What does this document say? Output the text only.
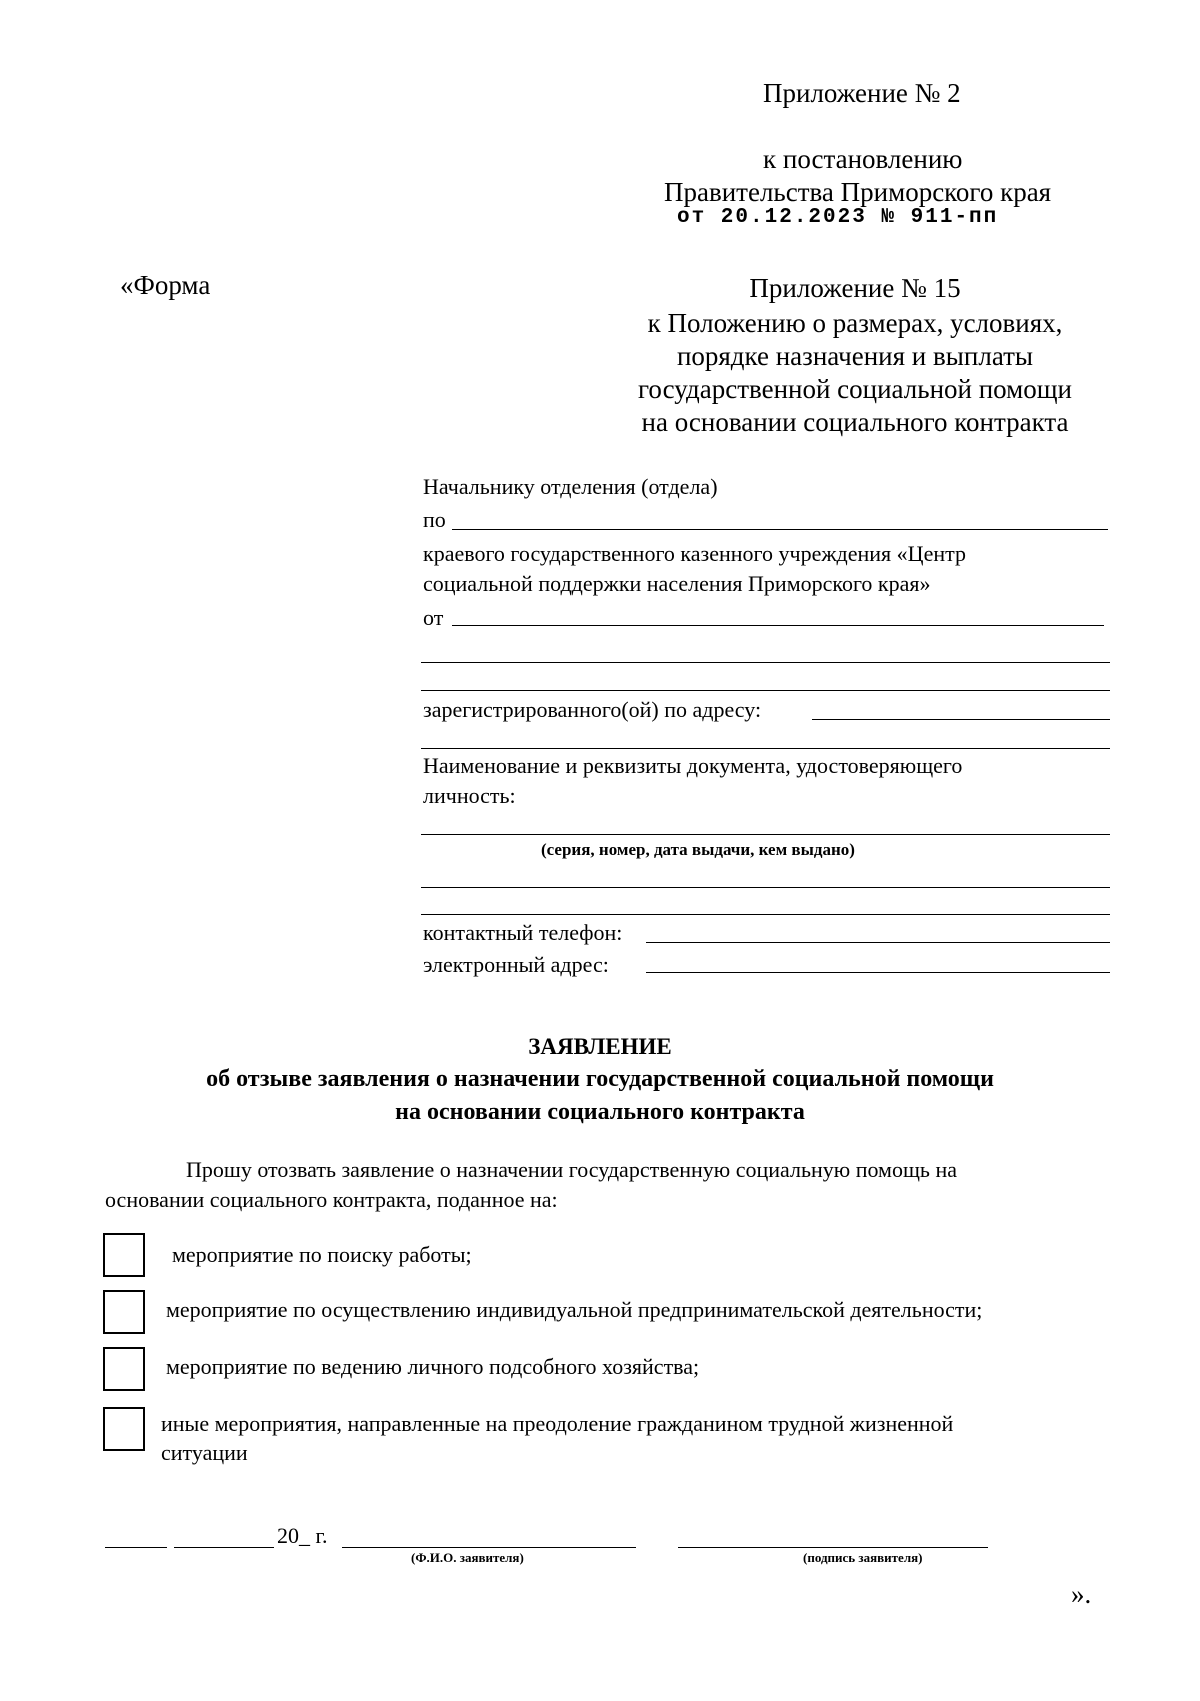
Приложение № 2
к постановлению
Правительства Приморского края
от 20.12.2023 № 911-пп
«Форма	Приложение № 15
к Положению о размерах, условиях,
порядке назначения и выплаты
государственной социальной помощи
на основании социального контракта
Начальнику отделения (отдела)
по
краевого государственного казенного учреждения «Центр
социальной поддержки населения Приморского края»
от
зарегистрированного(ой) по адресу:
Наименование и реквизиты документа, удостоверяющего
личность:
(серия, номер, дата выдачи, кем выдано)
контактный телефон:
электронный адрес:
ЗАЯВЛЕНИЕ
об отзыве заявления о назначении государственной социальной помощи
на основании социального контракта
Прошу отозвать заявление о назначении государственную социальную помощь на
основании социального контракта, поданное на:
мероприятие по поиску работы;
мероприятие по осуществлению индивидуальной предпринимательской деятельности;
мероприятие по ведению личного подсобного хозяйства;
иные мероприятия, направленные на преодоление гражданином трудной жизненной
ситуации
20_ г.
(Ф.И.О. заявителя)	(подпись заявителя)
».
